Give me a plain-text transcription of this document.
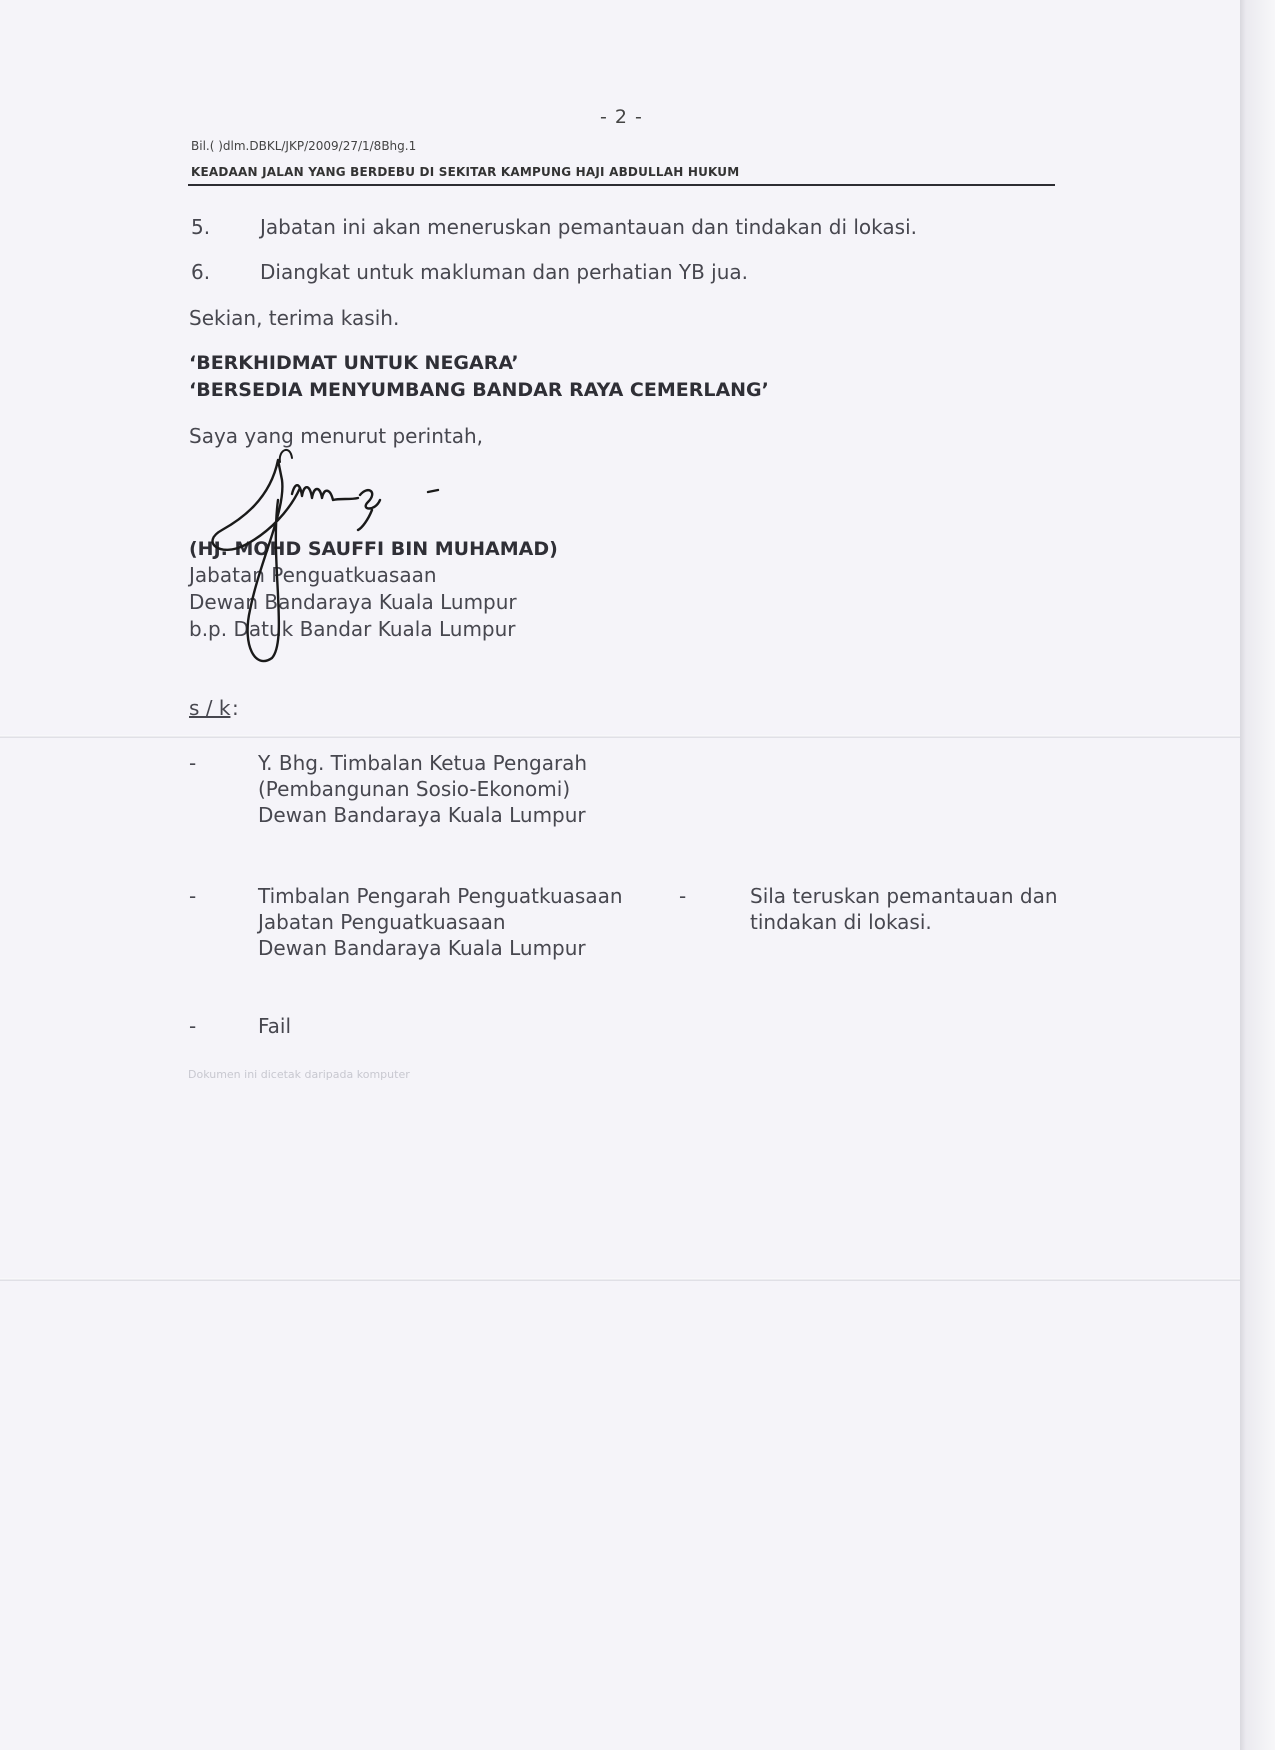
- 2 -
Bil.( )dlm.DBKL/JKP/2009/27/1/8Bhg.1
KEADAAN JALAN YANG BERDEBU DI SEKITAR KAMPUNG HAJI ABDULLAH HUKUM
5. Jabatan ini akan meneruskan pemantauan dan tindakan di lokasi.
6. Diangkat untuk makluman dan perhatian YB jua.
Sekian, terima kasih.
‘BERKHIDMAT UNTUK NEGARA’
‘BERSEDIA MENYUMBANG BANDAR RAYA CEMERLANG’
Saya yang menurut perintah,
(HJ. MOHD SAUFFI BIN MUHAMAD)
Jabatan Penguatkuasaan
Dewan Bandaraya Kuala Lumpur
b.p. Datuk Bandar Kuala Lumpur
s / k :
-	Y. Bhg. Timbalan Ketua Pengarah
(Pembangunan Sosio-Ekonomi)
Dewan Bandaraya Kuala Lumpur
-	Timbalan Pengarah Penguatkuasaan
Jabatan Penguatkuasaan
Dewan Bandaraya Kuala Lumpur
-	Sila teruskan pemantauan dan
tindakan di lokasi.
-	Fail
Dokumen ini dicetak daripada komputer
